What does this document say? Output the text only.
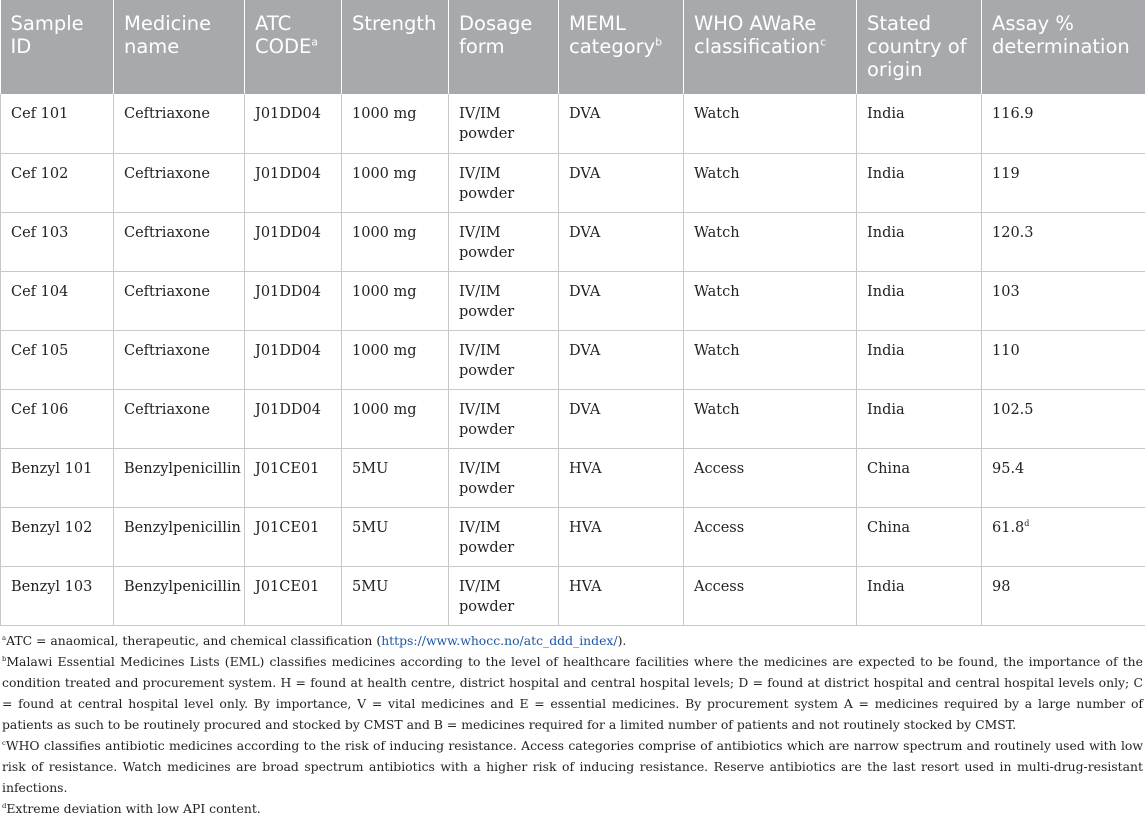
Sample ID	Medicine name	ATC CODE$^a$	Strength	Dosage form	MEML category$^b$	WHO AWaRe classification$^c$	Stated country of origin	Assay % determination
Cef 101	Ceftriaxone	J01DD04	1000 mg	IV/IM powder	DVA	Watch	India	116.9
Cef 102	Ceftriaxone	J01DD04	1000 mg	IV/IM powder	DVA	Watch	India	119
Cef 103	Ceftriaxone	J01DD04	1000 mg	IV/IM powder	DVA	Watch	India	120.3
Cef 104	Ceftriaxone	J01DD04	1000 mg	IV/IM powder	DVA	Watch	India	103
Cef 105	Ceftriaxone	J01DD04	1000 mg	IV/IM powder	DVA	Watch	India	110
Cef 106	Ceftriaxone	J01DD04	1000 mg	IV/IM powder	DVA	Watch	India	102.5
Benzyl 101	Benzylpenicillin	J01CE01	5MU	IV/IM powder	HVA	Access	China	95.4
Benzyl 102	Benzylpenicillin	J01CE01	5MU	IV/IM powder	HVA	Access	China	61.8$^d$
Benzyl 103	Benzylpenicillin	J01CE01	5MU	IV/IM powder	HVA	Access	India	98

$^a$ATC = anaomical, therapeutic, and chemical classification (https://www.whocc.no/atc_ddd_index/).

$^b$Malawi Essential Medicines Lists (EML) classifies medicines according to the level of healthcare facilities where the medicines are expected to be found, the importance of the condition treated and procurement system. H = found at health centre, district hospital and central hospital levels; D = found at district hospital and central hospital levels only; C = found at central hospital level only. By importance, V = vital medicines and E = essential medicines. By procurement system A = medicines required by a large number of patients as such to be routinely procured and stocked by CMST and B = medicines required for a limited number of patients and not routinely stocked by CMST.

$^c$WHO classifies antibiotic medicines according to the risk of inducing resistance. Access categories comprise of antibiotics which are narrow spectrum and routinely used with low risk of resistance. Watch medicines are broad spectrum antibiotics with a higher risk of inducing resistance. Reserve antibiotics are the last resort used in multi-drug-resistant infections.

$^d$Extreme deviation with low API content.
